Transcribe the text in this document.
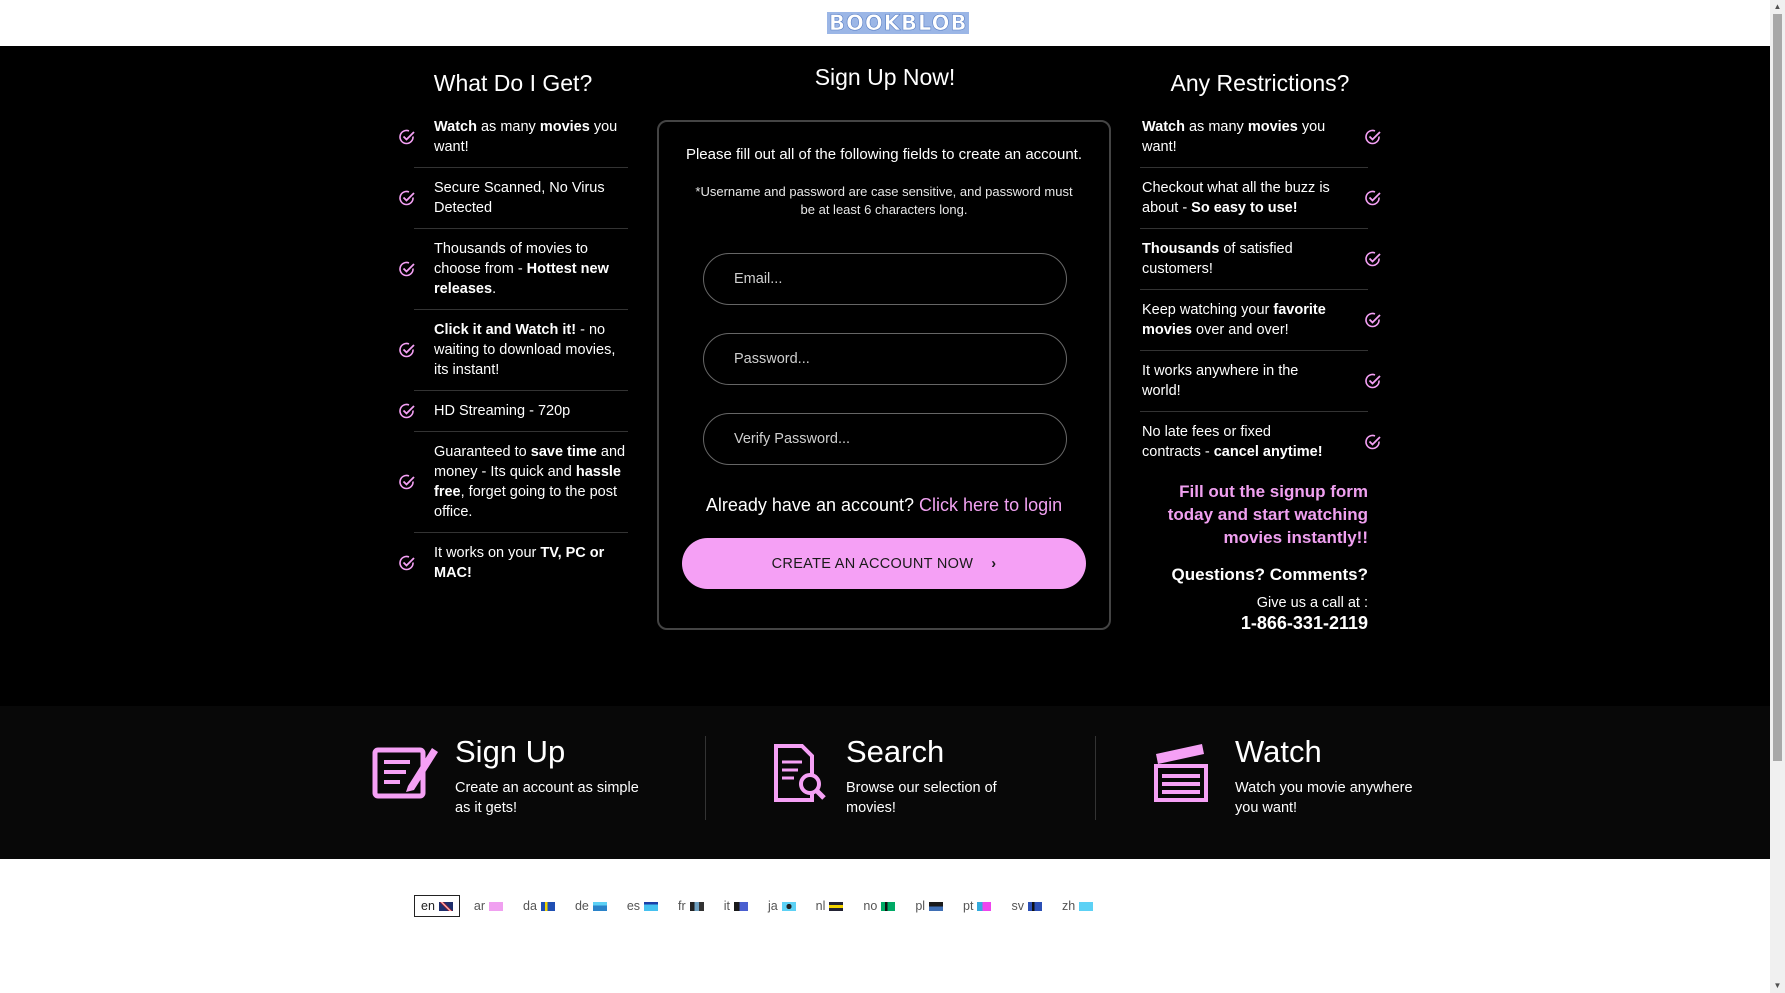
BOOKBLOB
What Do I Get?
Watch as many movies you want!
Secure Scanned, No Virus Detected
Thousands of movies to choose from - Hottest new releases.
Click it and Watch it! - no waiting to download movies, its instant!
HD Streaming - 720p
Guaranteed to save time and money - Its quick and hassle free, forget going to the post office.
It works on your TV, PC or MAC!
Sign Up Now!
Please fill out all of the following fields to create an account.
*Username and password are case sensitive, and password must be at least 6 characters long.
Email...
Already have an account? Click here to login
CREATE AN ACCOUNT NOW ›
Any Restrictions?
Watch as many movies you want!
Checkout what all the buzz is about - So easy to use!
Thousands of satisfied customers!
Keep watching your favorite movies over and over!
It works anywhere in the world!
No late fees or fixed contracts - cancel anytime!
Fill out the signup form today and start watching movies instantly!!
Questions? Comments?
Give us a call at :
1-866-331-2119
Sign Up
Create an account as simple as it gets!
Search
Browse our selection of movies!
Watch
Watch you movie anywhere you want!
en	ar	da	de	es	fr	it	ja	nl	no	pl	pt	sv	zh
▲
▼
